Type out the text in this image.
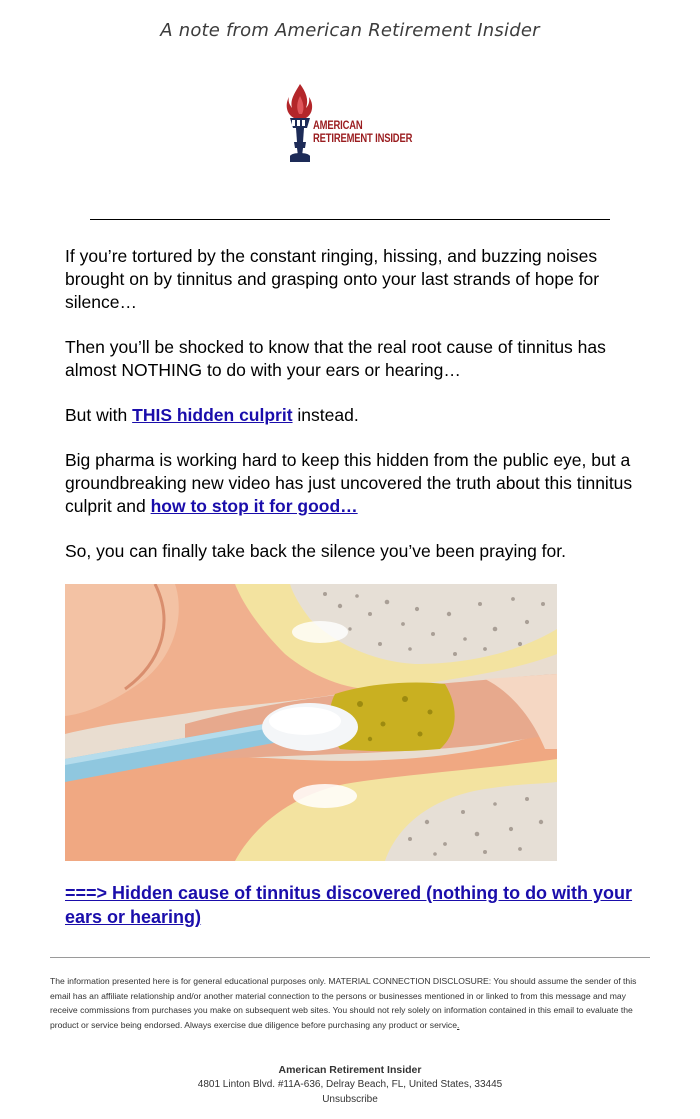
A note from American Retirement Insider
AMERICAN
RETIREMENT INSIDER

If you’re tortured by the constant ringing, hissing, and buzzing noises brought on by tinnitus and grasping onto your last strands of hope for silence…

Then you’ll be shocked to know that the real root cause of tinnitus has almost NOTHING to do with your ears or hearing…

But with THIS hidden culprit instead.

Big pharma is working hard to keep this hidden from the public eye, but a groundbreaking new video has just uncovered the truth about this tinnitus culprit and how to stop it for good…

So, you can finally take back the silence you’ve been praying for.

===> Hidden cause of tinnitus discovered (nothing to do with your ears or hearing)
The information presented here is for general educational purposes only. MATERIAL CONNECTION DISCLOSURE: You should assume the sender of this email has an affiliate relationship and/or another material connection to the persons or businesses mentioned in or linked to from this message and may receive commissions from purchases you make on subsequent web sites. You should not rely solely on information contained in this email to evaluate the product or service being endorsed. Always exercise due diligence before purchasing any product or service.
American Retirement Insider
4801 Linton Blvd. #11A-636, Delray Beach, FL, United States, 33445
Unsubscribe
